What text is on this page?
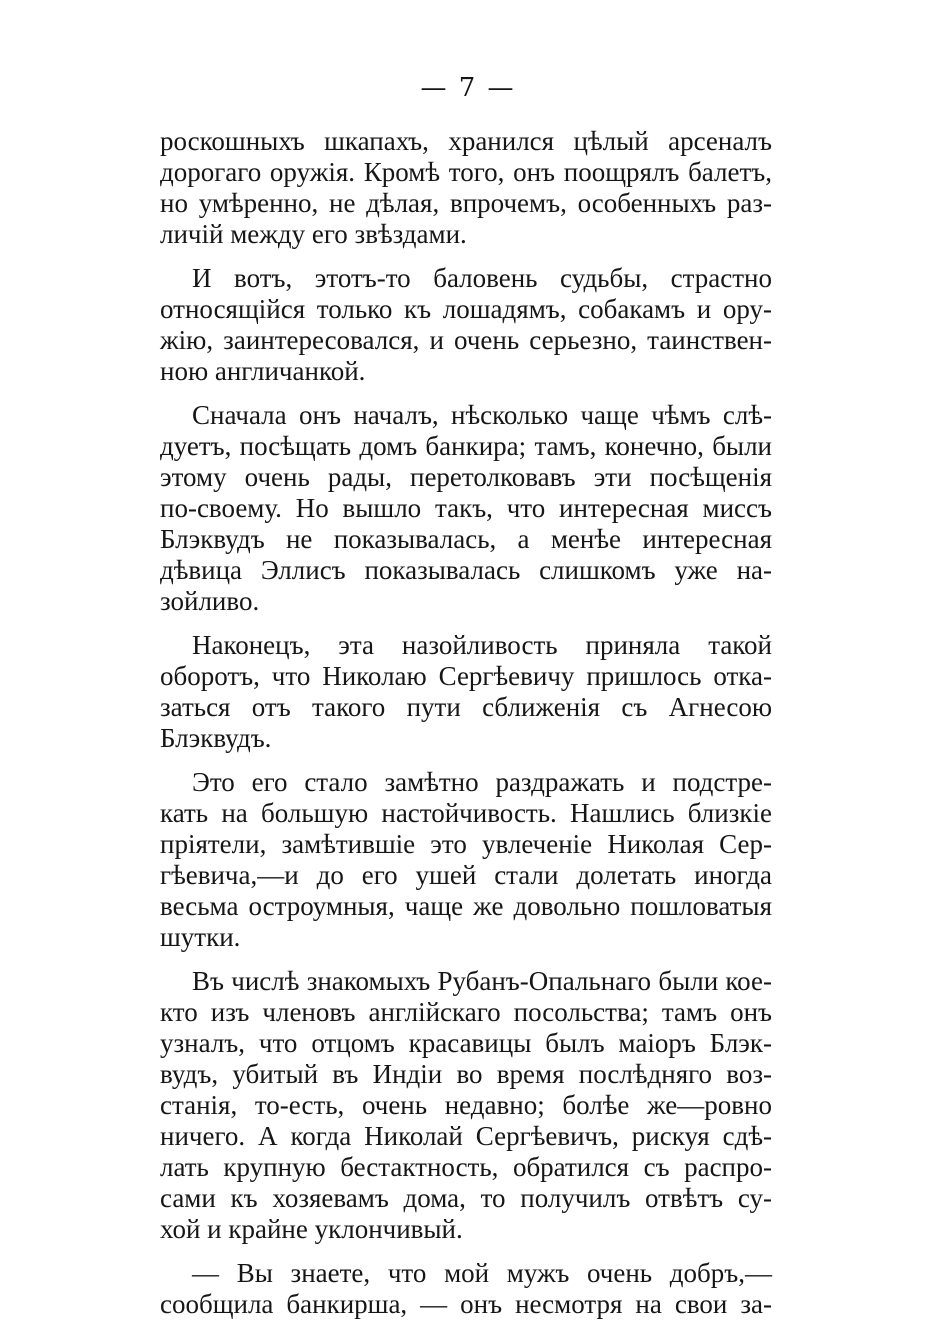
— 7 —
роскошныхъ шкапахъ, хранился цѣлый арсеналъ
дорогаго оружія. Кромѣ того, онъ поощрялъ балетъ,
но умѣренно, не дѣлая, впрочемъ, особенныхъ раз-
личій между его звѣздами.
И вотъ, этотъ-то баловень судьбы, страстно
относящійся только къ лошадямъ, собакамъ и ору-
жію, заинтересовался, и очень серьезно, таинствен-
ною англичанкой.
Сначала онъ началъ, нѣсколько чаще чѣмъ слѣ-
дуетъ, посѣщать домъ банкира; тамъ, конечно, были
этому очень рады, перетолковавъ эти посѣщенія
по-своему. Но вышло такъ, что интересная миссъ
Блэквудъ не показывалась, а менѣе интересная
дѣвица Эллисъ показывалась слишкомъ уже на-
зойливо.
Наконецъ, эта назойливость приняла такой
оборотъ, что Николаю Сергѣевичу пришлось отка-
заться отъ такого пути сближенія съ Агнесою
Блэквудъ.
Это его стало замѣтно раздражать и подстре-
кать на большую настойчивость. Нашлись близкіе
пріятели, замѣтившіе это увлеченіе Николая Сер-
гѣевича,—и до его ушей стали долетать иногда
весьма остроумныя, чаще же довольно пошловатыя
шутки.
Въ числѣ знакомыхъ Рубанъ-Опальнаго были кое-
кто изъ членовъ англійскаго посольства; тамъ онъ
узналъ, что отцомъ красавицы былъ маіоръ Блэк-
вудъ, убитый въ Индіи во время послѣдняго воз-
станія, то-есть, очень недавно; болѣе же—ровно
ничего. А когда Николай Сергѣевичъ, рискуя сдѣ-
лать крупную бестактность, обратился съ распро-
сами къ хозяевамъ дома, то получилъ отвѣтъ су-
хой и крайне уклончивый.
— Вы знаете, что мой мужъ очень добръ,—
сообщила банкирша, — онъ несмотря на свои за-
